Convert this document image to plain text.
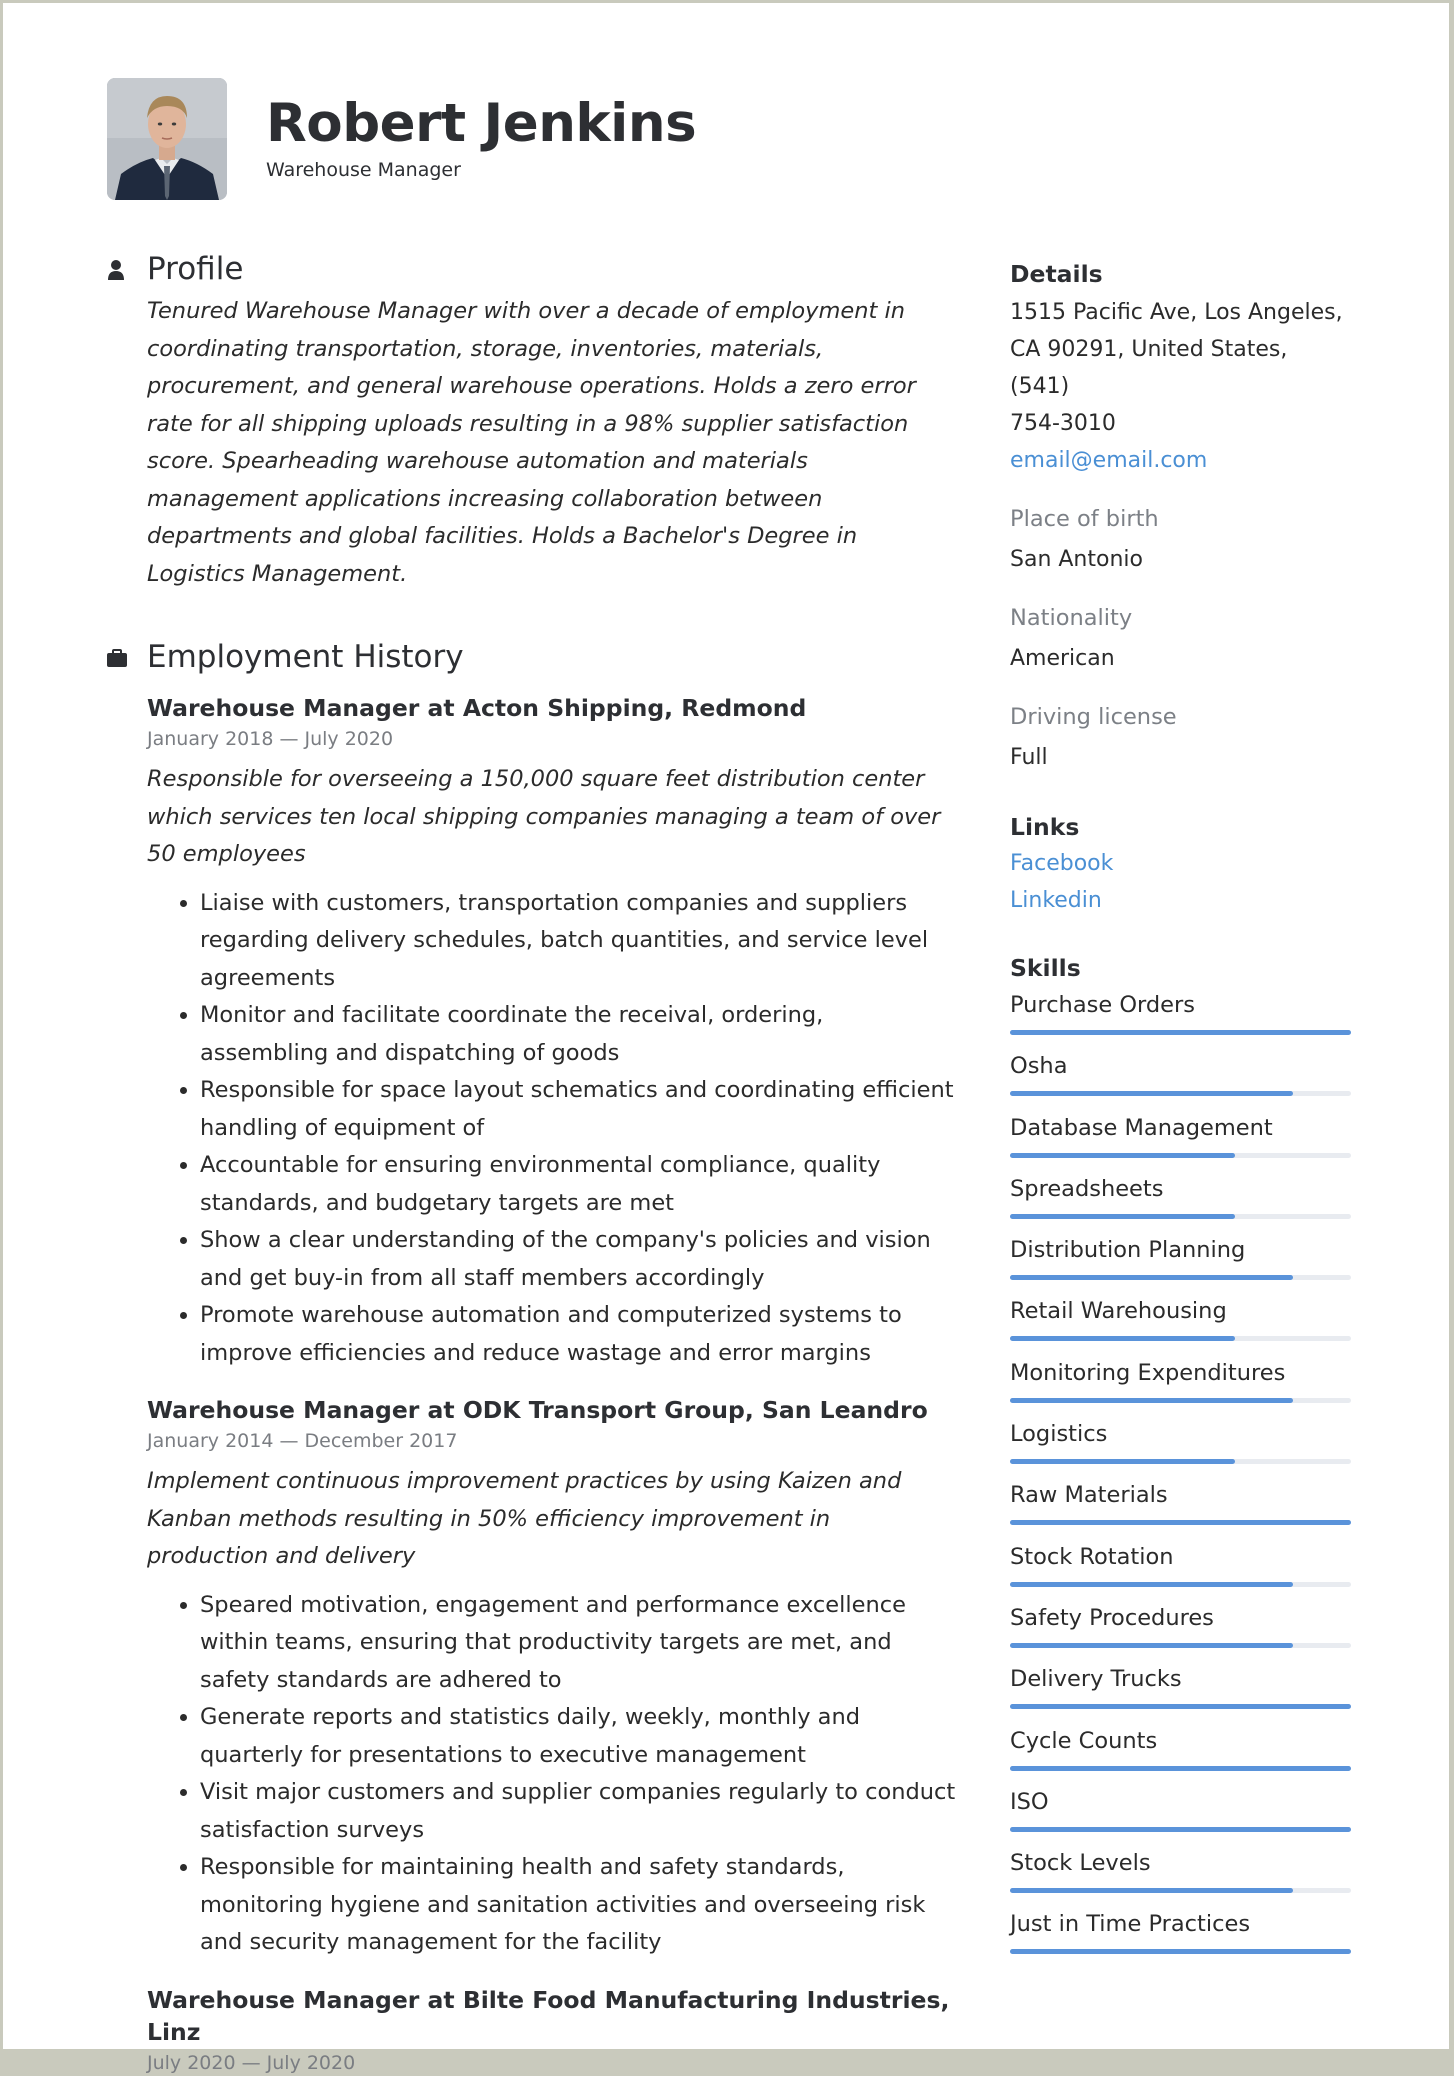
Robert Jenkins
Warehouse Manager
Profile
Tenured Warehouse Manager with over a decade of employment in coordinating transportation, storage, inventories, materials, procurement, and general warehouse operations. Holds a zero error rate for all shipping uploads resulting in a 98% supplier satisfaction score. Spearheading warehouse automation and materials management applications increasing collaboration between departments and global facilities. Holds a Bachelor's Degree in Logistics Management.
Employment History
Warehouse Manager at Acton Shipping, Redmond
January 2018 — July 2020
Responsible for overseeing a 150,000 square feet distribution center which services ten local shipping companies managing a team of over 50 employees
• Liaise with customers, transportation companies and suppliers regarding delivery schedules, batch quantities, and service level agreements
• Monitor and facilitate coordinate the receival, ordering, assembling and dispatching of goods
• Responsible for space layout schematics and coordinating efficient handling of equipment of
• Accountable for ensuring environmental compliance, quality standards, and budgetary targets are met
• Show a clear understanding of the company's policies and vision and get buy-in from all staff members accordingly
• Promote warehouse automation and computerized systems to improve efficiencies and reduce wastage and error margins
Warehouse Manager at ODK Transport Group, San Leandro
January 2014 — December 2017
Implement continuous improvement practices by using Kaizen and Kanban methods resulting in 50% efficiency improvement in production and delivery
• Speared motivation, engagement and performance excellence within teams, ensuring that productivity targets are met, and safety standards are adhered to
• Generate reports and statistics daily, weekly, monthly and quarterly for presentations to executive management
• Visit major customers and supplier companies regularly to conduct satisfaction surveys
• Responsible for maintaining health and safety standards, monitoring hygiene and sanitation activities and overseeing risk and security management for the facility
Warehouse Manager at Bilte Food Manufacturing Industries, Linz
July 2020 — July 2020
Details
1515 Pacific Ave, Los Angeles,
CA 90291, United States, (541)
754-3010
email@email.com
Place of birth
San Antonio
Nationality
American
Driving license
Full
Links
Facebook
Linkedin
Skills
Purchase Orders
Osha
Database Management
Spreadsheets
Distribution Planning
Retail Warehousing
Monitoring Expenditures
Logistics
Raw Materials
Stock Rotation
Safety Procedures
Delivery Trucks
Cycle Counts
ISO
Stock Levels
Just in Time Practices
